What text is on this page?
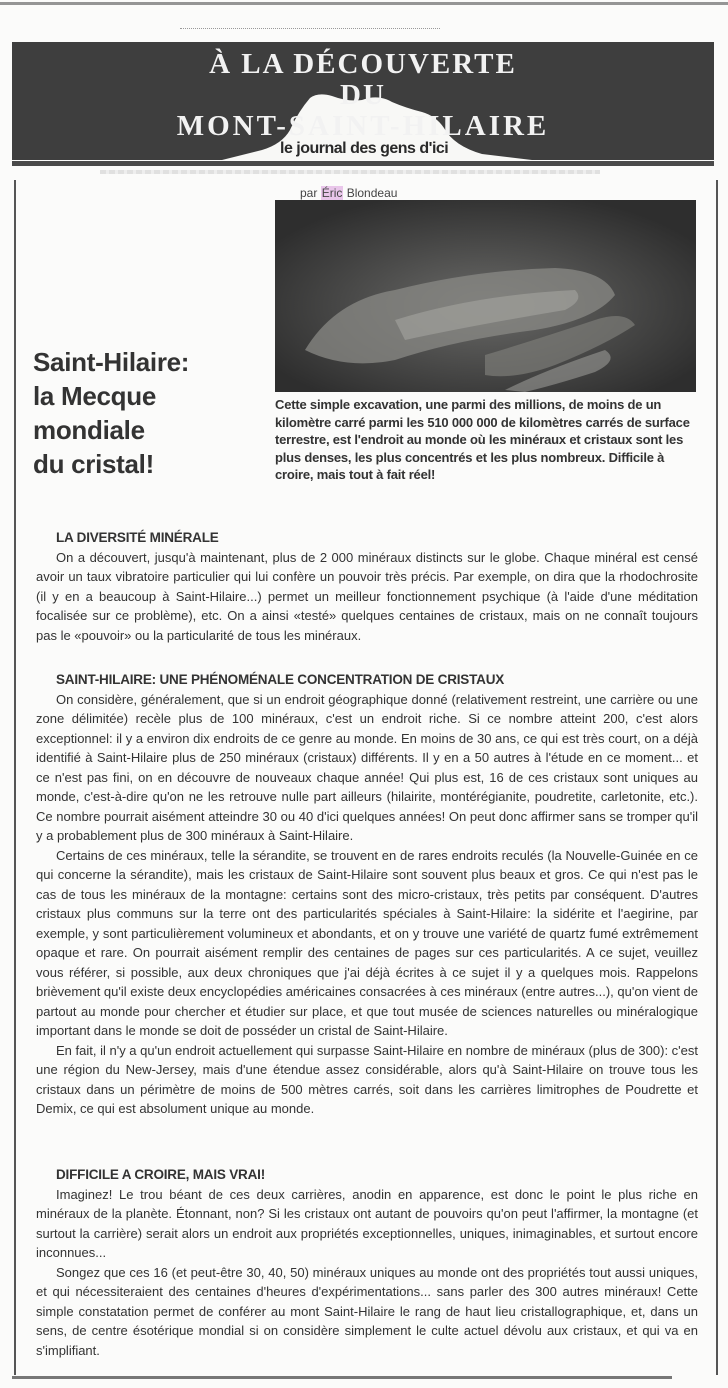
À LA DÉCOUVERTE
DU
MONT-SAINT-HILAIRE
le journal des gens d'ici
par Éric Blondeau
Cette simple excavation, une parmi des millions, de moins de un kilomètre carré parmi les 510 000 000 de kilomètres carrés de surface terrestre, est l'endroit au monde où les minéraux et cristaux sont les plus denses, les plus concentrés et les plus nombreux. Difficile à croire, mais tout à fait réel!
Saint-Hilaire:
la Mecque
mondiale
du cristal!
LA DIVERSITÉ MINÉRALE

On a découvert, jusqu'à maintenant, plus de 2 000 minéraux distincts sur le globe. Chaque minéral est censé avoir un taux vibratoire particulier qui lui confère un pouvoir très précis. Par exemple, on dira que la rhodochrosite (il y en a beaucoup à Saint-Hilaire...) permet un meilleur fonctionnement psychique (à l'aide d'une méditation focalisée sur ce problème), etc. On a ainsi «testé» quelques centaines de cristaux, mais on ne connaît toujours pas le «pouvoir» ou la particularité de tous les minéraux.

SAINT-HILAIRE: UNE PHÉNOMÉNALE CONCENTRATION DE CRISTAUX

On considère, généralement, que si un endroit géographique donné (relativement restreint, une carrière ou une zone délimitée) recèle plus de 100 minéraux, c'est un endroit riche. Si ce nombre atteint 200, c'est alors exceptionnel: il y a environ dix endroits de ce genre au monde. En moins de 30 ans, ce qui est très court, on a déjà identifié à Saint-Hilaire plus de 250 minéraux (cristaux) différents. Il y en a 50 autres à l'étude en ce moment... et ce n'est pas fini, on en découvre de nouveaux chaque année! Qui plus est, 16 de ces cristaux sont uniques au monde, c'est-à-dire qu'on ne les retrouve nulle part ailleurs (hilairite, montérégianite, poudretite, carletonite, etc.). Ce nombre pourrait aisément atteindre 30 ou 40 d'ici quelques années! On peut donc affirmer sans se tromper qu'il y a probablement plus de 300 minéraux à Saint-Hilaire.

Certains de ces minéraux, telle la sérandite, se trouvent en de rares endroits reculés (la Nouvelle-Guinée en ce qui concerne la sérandite), mais les cristaux de Saint-Hilaire sont souvent plus beaux et gros. Ce qui n'est pas le cas de tous les minéraux de la montagne: certains sont des micro-cristaux, très petits par conséquent. D'autres cristaux plus communs sur la terre ont des particularités spéciales à Saint-Hilaire: la sidérite et l'aegirine, par exemple, y sont particulièrement volumineux et abondants, et on y trouve une variété de quartz fumé extrêmement opaque et rare. On pourrait aisément remplir des centaines de pages sur ces particularités. A ce sujet, veuillez vous référer, si possible, aux deux chroniques que j'ai déjà écrites à ce sujet il y a quelques mois. Rappelons brièvement qu'il existe deux encyclopédies américaines consacrées à ces minéraux (entre autres...), qu'on vient de partout au monde pour chercher et étudier sur place, et que tout musée de sciences naturelles ou minéralogique important dans le monde se doit de posséder un cristal de Saint-Hilaire.

En fait, il n'y a qu'un endroit actuellement qui surpasse Saint-Hilaire en nombre de minéraux (plus de 300): c'est une région du New-Jersey, mais d'une étendue assez considérable, alors qu'à Saint-Hilaire on trouve tous les cristaux dans un périmètre de moins de 500 mètres carrés, soit dans les carrières limitrophes de Poudrette et Demix, ce qui est absolument unique au monde.

DIFFICILE A CROIRE, MAIS VRAI!

Imaginez! Le trou béant de ces deux carrières, anodin en apparence, est donc le point le plus riche en minéraux de la planète. Étonnant, non? Si les cristaux ont autant de pouvoirs qu'on peut l'affirmer, la montagne (et surtout la carrière) serait alors un endroit aux propriétés exceptionnelles, uniques, inimaginables, et surtout encore inconnues...

Songez que ces 16 (et peut-être 30, 40, 50) minéraux uniques au monde ont des propriétés tout aussi uniques, et qui nécessiteraient des centaines d'heures d'expérimentations... sans parler des 300 autres minéraux! Cette simple constatation permet de conférer au mont Saint-Hilaire le rang de haut lieu cristallographique, et, dans un sens, de centre ésotérique mondial si on considère simplement le culte actuel dévolu aux cristaux, et qui va en s'implifiant.
